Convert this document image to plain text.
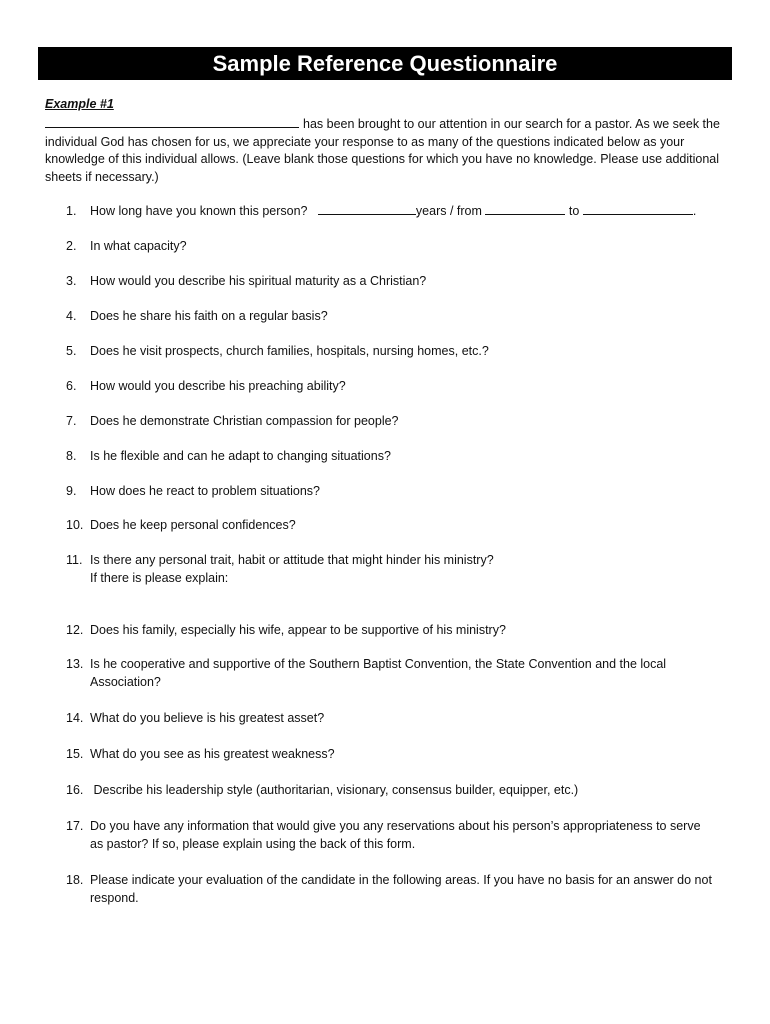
Sample Reference Questionnaire
Example #1
has been brought to our attention in our search for a pastor. As we seek the individual God has chosen for us, we appreciate your response to as many of the questions indicated below as your knowledge of this individual allows. (Leave blank those questions for which you have no knowledge. Please use additional sheets if necessary.)
1.	How long have you known this person?	years / from	to	.
2.	In what capacity?
3.	How would you describe his spiritual maturity as a Christian?
4.	Does he share his faith on a regular basis?
5.	Does he visit prospects, church families, hospitals, nursing homes, etc.?
6.	How would you describe his preaching ability?
7.	Does he demonstrate Christian compassion for people?
8.	Is he flexible and can he adapt to changing situations?
9.	How does he react to problem situations?
10. Does he keep personal confidences?
11. Is there any personal trait, habit or attitude that might hinder his ministry?
If there is please explain:
12. Does his family, especially his wife, appear to be supportive of his ministry?
13. Is he cooperative and supportive of the Southern Baptist Convention, the State Convention and the local
Association?
14. What do you believe is his greatest asset?
15. What do you see as his greatest weakness?
16. Describe his leadership style (authoritarian, visionary, consensus builder, equipper, etc.)
17. Do you have any information that would give you any reservations about his person’s appropriateness to serve
as pastor? If so, please explain using the back of this form.
18. Please indicate your evaluation of the candidate in the following areas. If you have no basis for an answer do not
respond.
